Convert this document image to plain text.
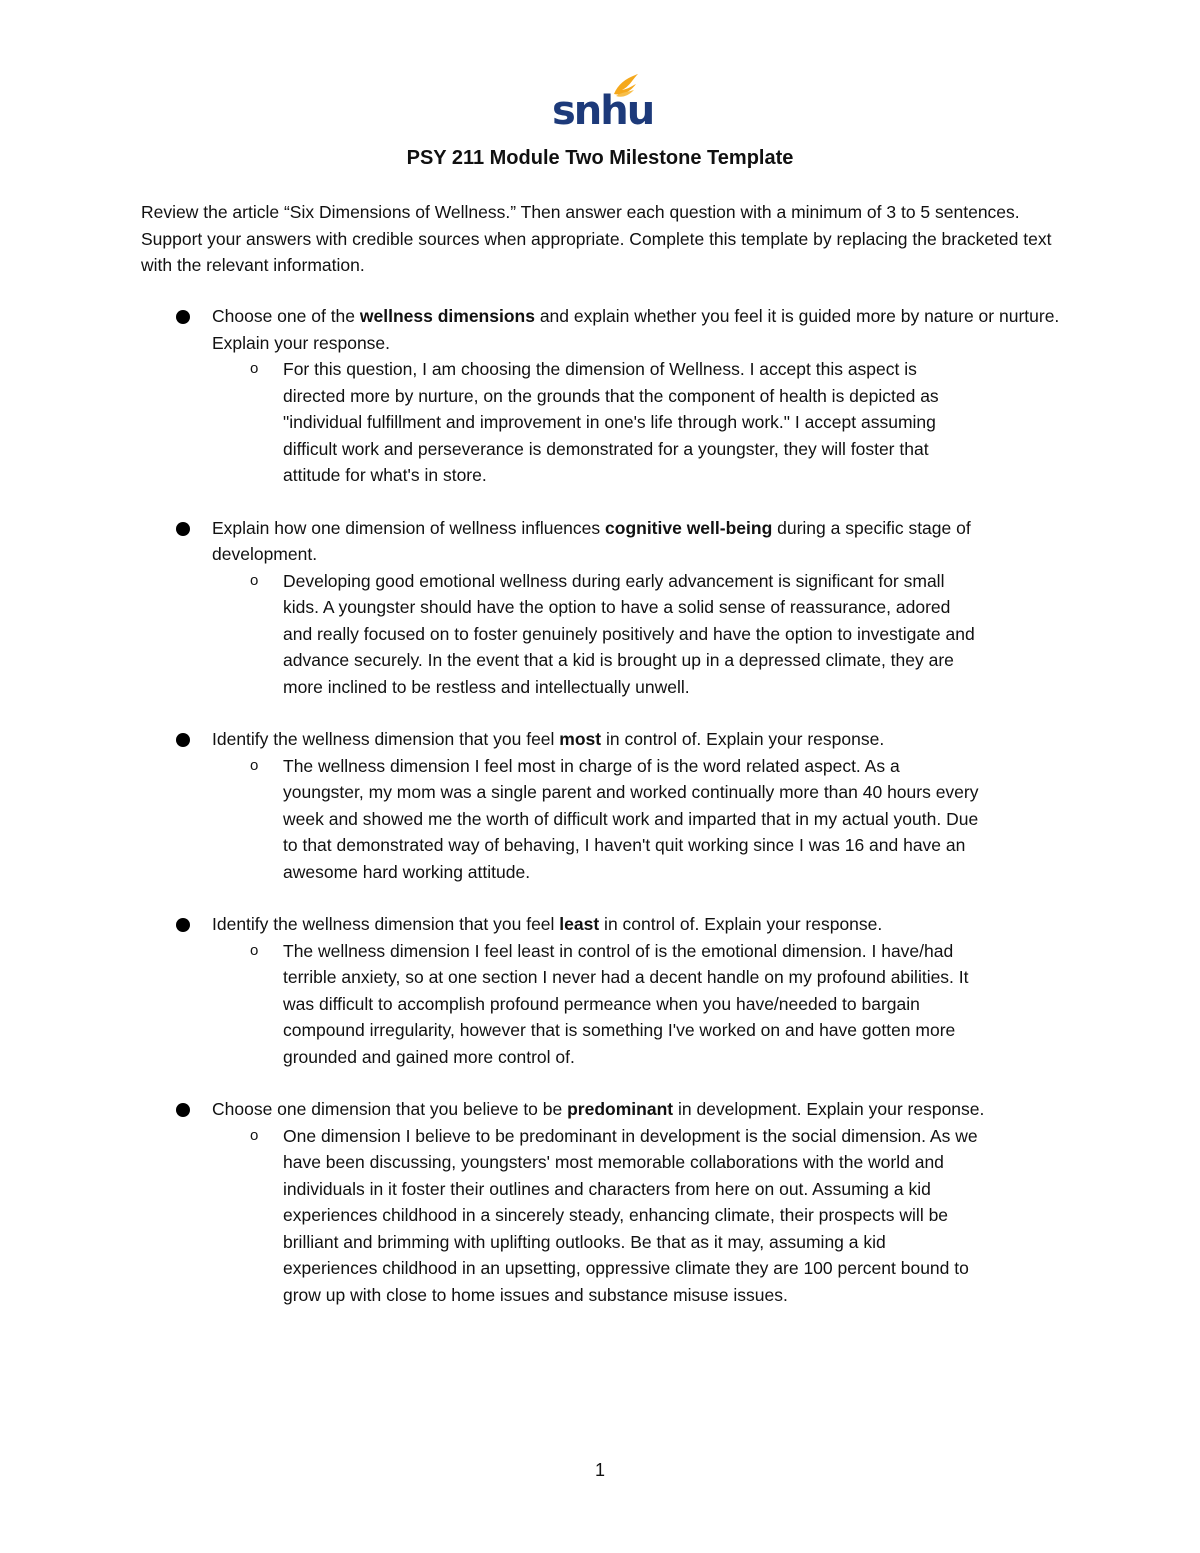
snhu
PSY 211 Module Two Milestone Template

Review the article “Six Dimensions of Wellness.” Then answer each question with a minimum of 3 to 5 sentences. Support your answers with credible sources when appropriate. Complete this template by replacing the bracketed text with the relevant information.

Choose one of the wellness dimensions and explain whether you feel it is guided more by nature or nurture. Explain your response.

o For this question, I am choosing the dimension of Wellness. I accept this aspect is directed more by nurture, on the grounds that the component of health is depicted as "individual fulfillment and improvement in one's life through work." I accept assuming difficult work and perseverance is demonstrated for a youngster, they will foster that attitude for what's in store.

Explain how one dimension of wellness influences cognitive well-being during a specific stage of development.

o Developing good emotional wellness during early advancement is significant for small kids. A youngster should have the option to have a solid sense of reassurance, adored and really focused on to foster genuinely positively and have the option to investigate and advance securely. In the event that a kid is brought up in a depressed climate, they are more inclined to be restless and intellectually unwell.

Identify the wellness dimension that you feel most in control of. Explain your response.

o The wellness dimension I feel most in charge of is the word related aspect. As a youngster, my mom was a single parent and worked continually more than 40 hours every week and showed me the worth of difficult work and imparted that in my actual youth. Due to that demonstrated way of behaving, I haven't quit working since I was 16 and have an awesome hard working attitude.

Identify the wellness dimension that you feel least in control of. Explain your response.

o The wellness dimension I feel least in control of is the emotional dimension. I have/had terrible anxiety, so at one section I never had a decent handle on my profound abilities. It was difficult to accomplish profound permeance when you have/needed to bargain compound irregularity, however that is something I've worked on and have gotten more grounded and gained more control of.

Choose one dimension that you believe to be predominant in development. Explain your response.

o One dimension I believe to be predominant in development is the social dimension. As we have been discussing, youngsters' most memorable collaborations with the world and individuals in it foster their outlines and characters from here on out. Assuming a kid experiences childhood in a sincerely steady, enhancing climate, their prospects will be brilliant and brimming with uplifting outlooks. Be that as it may, assuming a kid experiences childhood in an upsetting, oppressive climate they are 100 percent bound to grow up with close to home issues and substance misuse issues.

1
